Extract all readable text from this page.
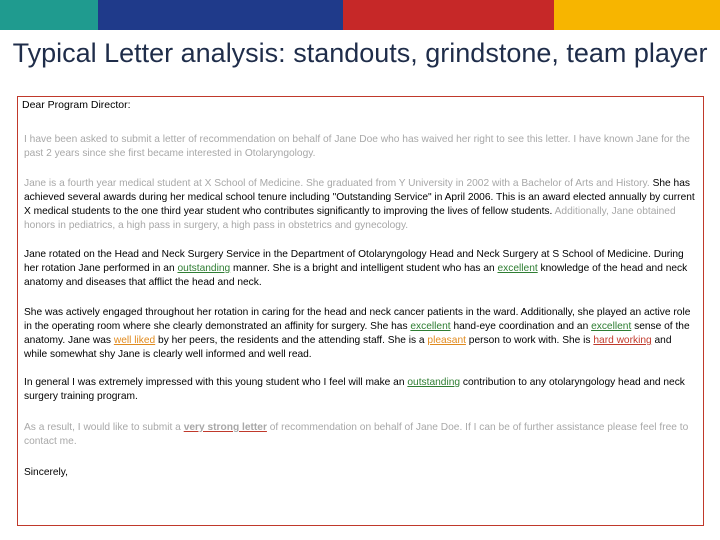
Typical Letter analysis: standouts, grindstone, team player
Dear Program Director:
I have been asked to submit a letter of recommendation on behalf of Jane Doe who has waived her right to see this letter. I have known Jane for the past 2 years since she first became interested in Otolaryngology.
Jane is a fourth year medical student at X School of Medicine. She graduated from Y University in 2002 with a Bachelor of Arts and History. She has achieved several awards during her medical school tenure including "Outstanding Service" in April 2006. This is an award elected annually by current X medical students to the one third year student who contributes significantly to improving the lives of fellow students. Additionally, Jane obtained honors in pediatrics, a high pass in surgery, a high pass in obstetrics and gynecology.
Jane rotated on the Head and Neck Surgery Service in the Department of Otolaryngology Head and Neck Surgery at S School of Medicine. During her rotation Jane performed in an outstanding manner. She is a bright and intelligent student who has an excellent knowledge of the head and neck anatomy and diseases that afflict the head and neck.
She was actively engaged throughout her rotation in caring for the head and neck cancer patients in the ward. Additionally, she played an active role in the operating room where she clearly demonstrated an affinity for surgery. She has excellent hand-eye coordination and an excellent sense of the anatomy. Jane was well liked by her peers, the residents and the attending staff. She is a pleasant person to work with. She is hard working and while somewhat shy Jane is clearly well informed and well read.
In general I was extremely impressed with this young student who I feel will make an outstanding contribution to any otolaryngology head and neck surgery training program.
As a result, I would like to submit a very strong letter of recommendation on behalf of Jane Doe. If I can be of further assistance please feel free to contact me.
Sincerely,
